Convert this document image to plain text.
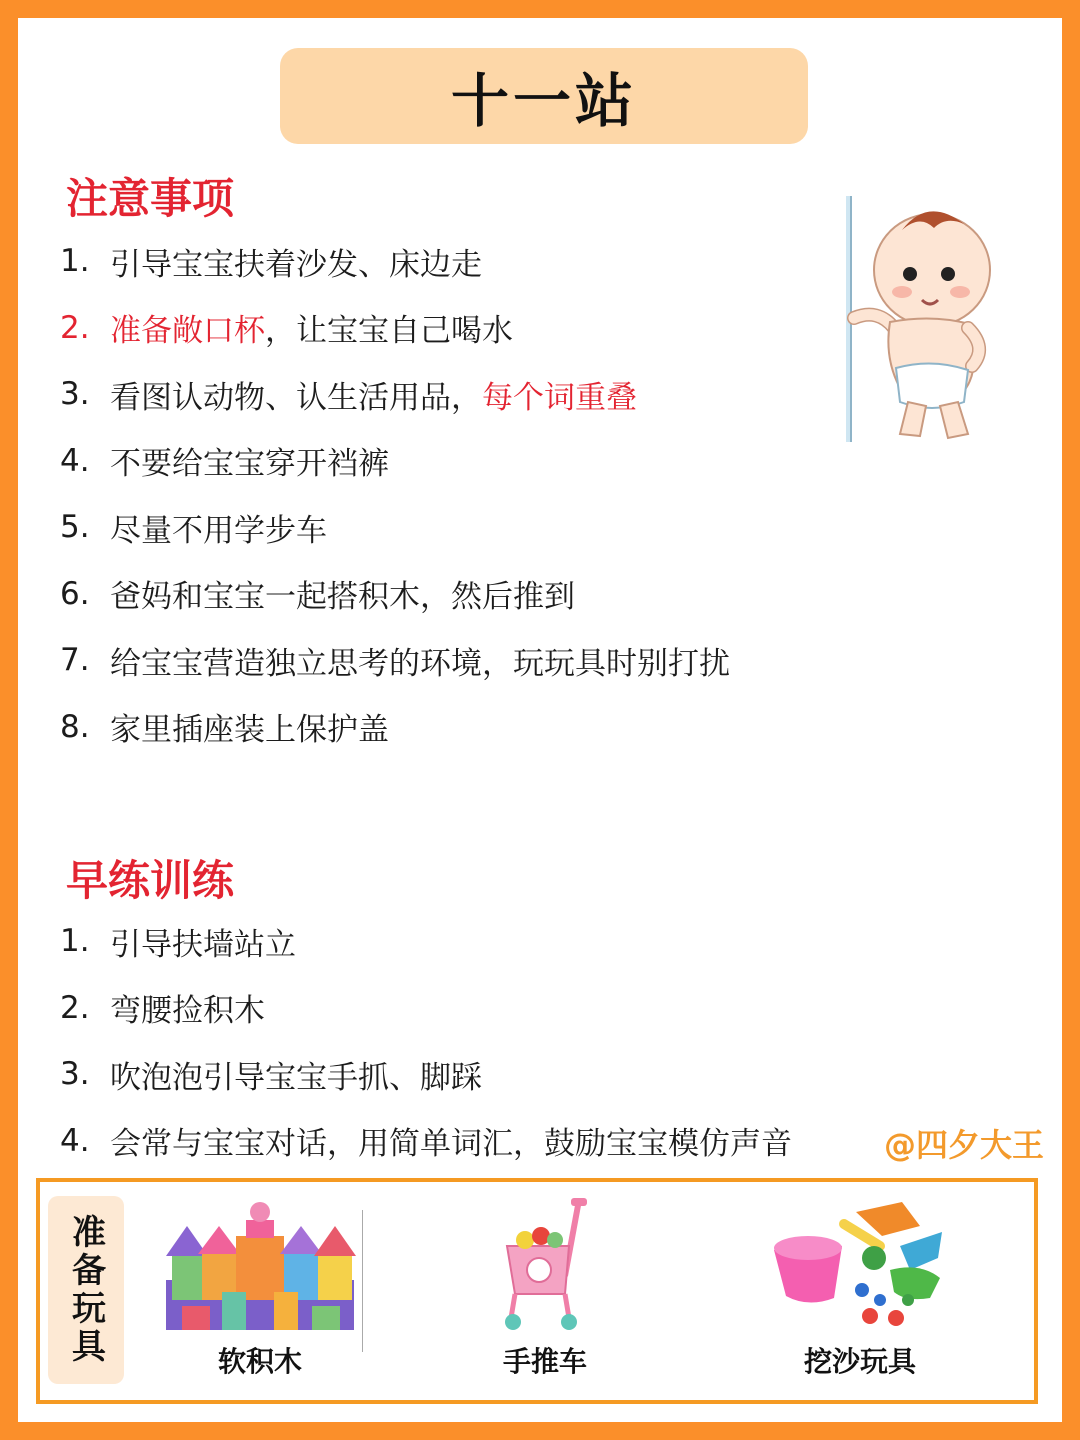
十一站
注意事项
1. 引导宝宝扶着沙发、床边走
2. 准备敞口杯 ，让宝宝自己喝水
3. 看图认动物、认生活用品， 每个词重叠
4. 不要给宝宝穿开裆裤
5. 尽量不用学步车
6. 爸妈和宝宝一起搭积木，然后推到
7. 给宝宝营造独立思考的环境，玩玩具时别打扰
8. 家里插座装上保护盖
早练训练
1. 引导扶墙站立
2. 弯腰捡积木
3. 吹泡泡引导宝宝手抓、脚踩
4. 会常与宝宝对话，用简单词汇，鼓励宝宝模仿声音	@四夕大王
准备玩具	软积木	手推车	挖沙玩具
